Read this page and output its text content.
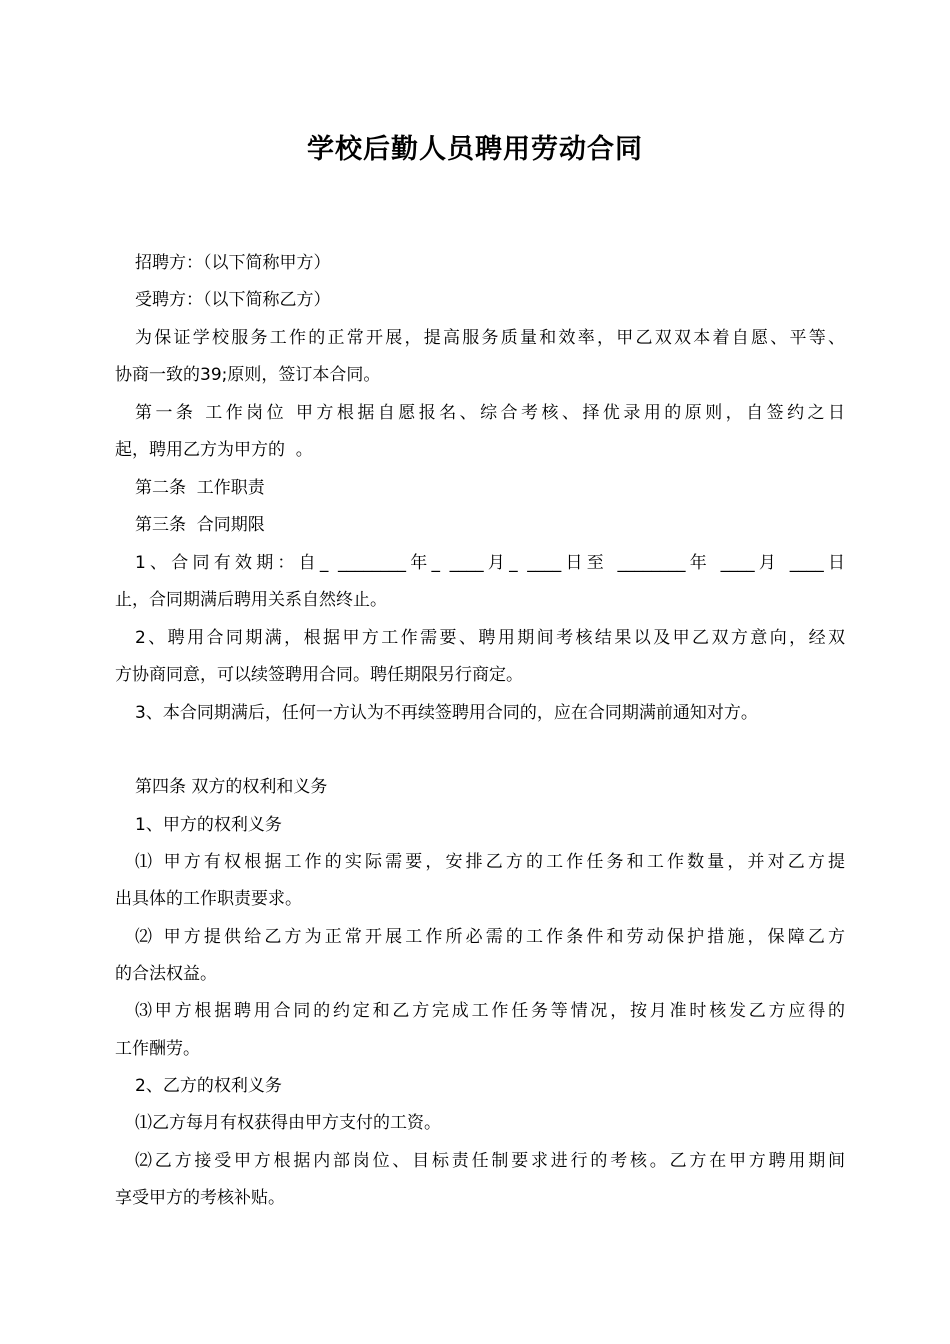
学校后勤人员聘用劳动合同
招聘方：（以下简称甲方）
受聘方：（以下简称乙方）
为保证学校服务工作的正常开展，提高服务质量和效率，甲乙双双本着自愿、平等、
协商一致的39;原则，签订本合同。
第一条 工作岗位 甲方根据自愿报名、综合考核、择优录用的原则，自签约之日
起，聘用乙方为甲方的  。
第二条  工作职责
第三条  合同期限
1、合同有效期：自_ ________年_ ____月_ ____日至 ________年 ____月 ____日
止，合同期满后聘用关系自然终止。
2、聘用合同期满，根据甲方工作需要、聘用期间考核结果以及甲乙双方意向，经双
方协商同意，可以续签聘用合同。聘任期限另行商定。
3、本合同期满后，任何一方认为不再续签聘用合同的，应在合同期满前通知对方。
第四条 双方的权利和义务
1、甲方的权利义务
⑴ 甲方有权根据工作的实际需要，安排乙方的工作任务和工作数量，并对乙方提
出具体的工作职责要求。
⑵ 甲方提供给乙方为正常开展工作所必需的工作条件和劳动保护措施，保障乙方
的合法权益。
⑶甲方根据聘用合同的约定和乙方完成工作任务等情况，按月准时核发乙方应得的
工作酬劳。
2、乙方的权利义务
⑴乙方每月有权获得由甲方支付的工资。
⑵乙方接受甲方根据内部岗位、目标责任制要求进行的考核。乙方在甲方聘用期间
享受甲方的考核补贴。
